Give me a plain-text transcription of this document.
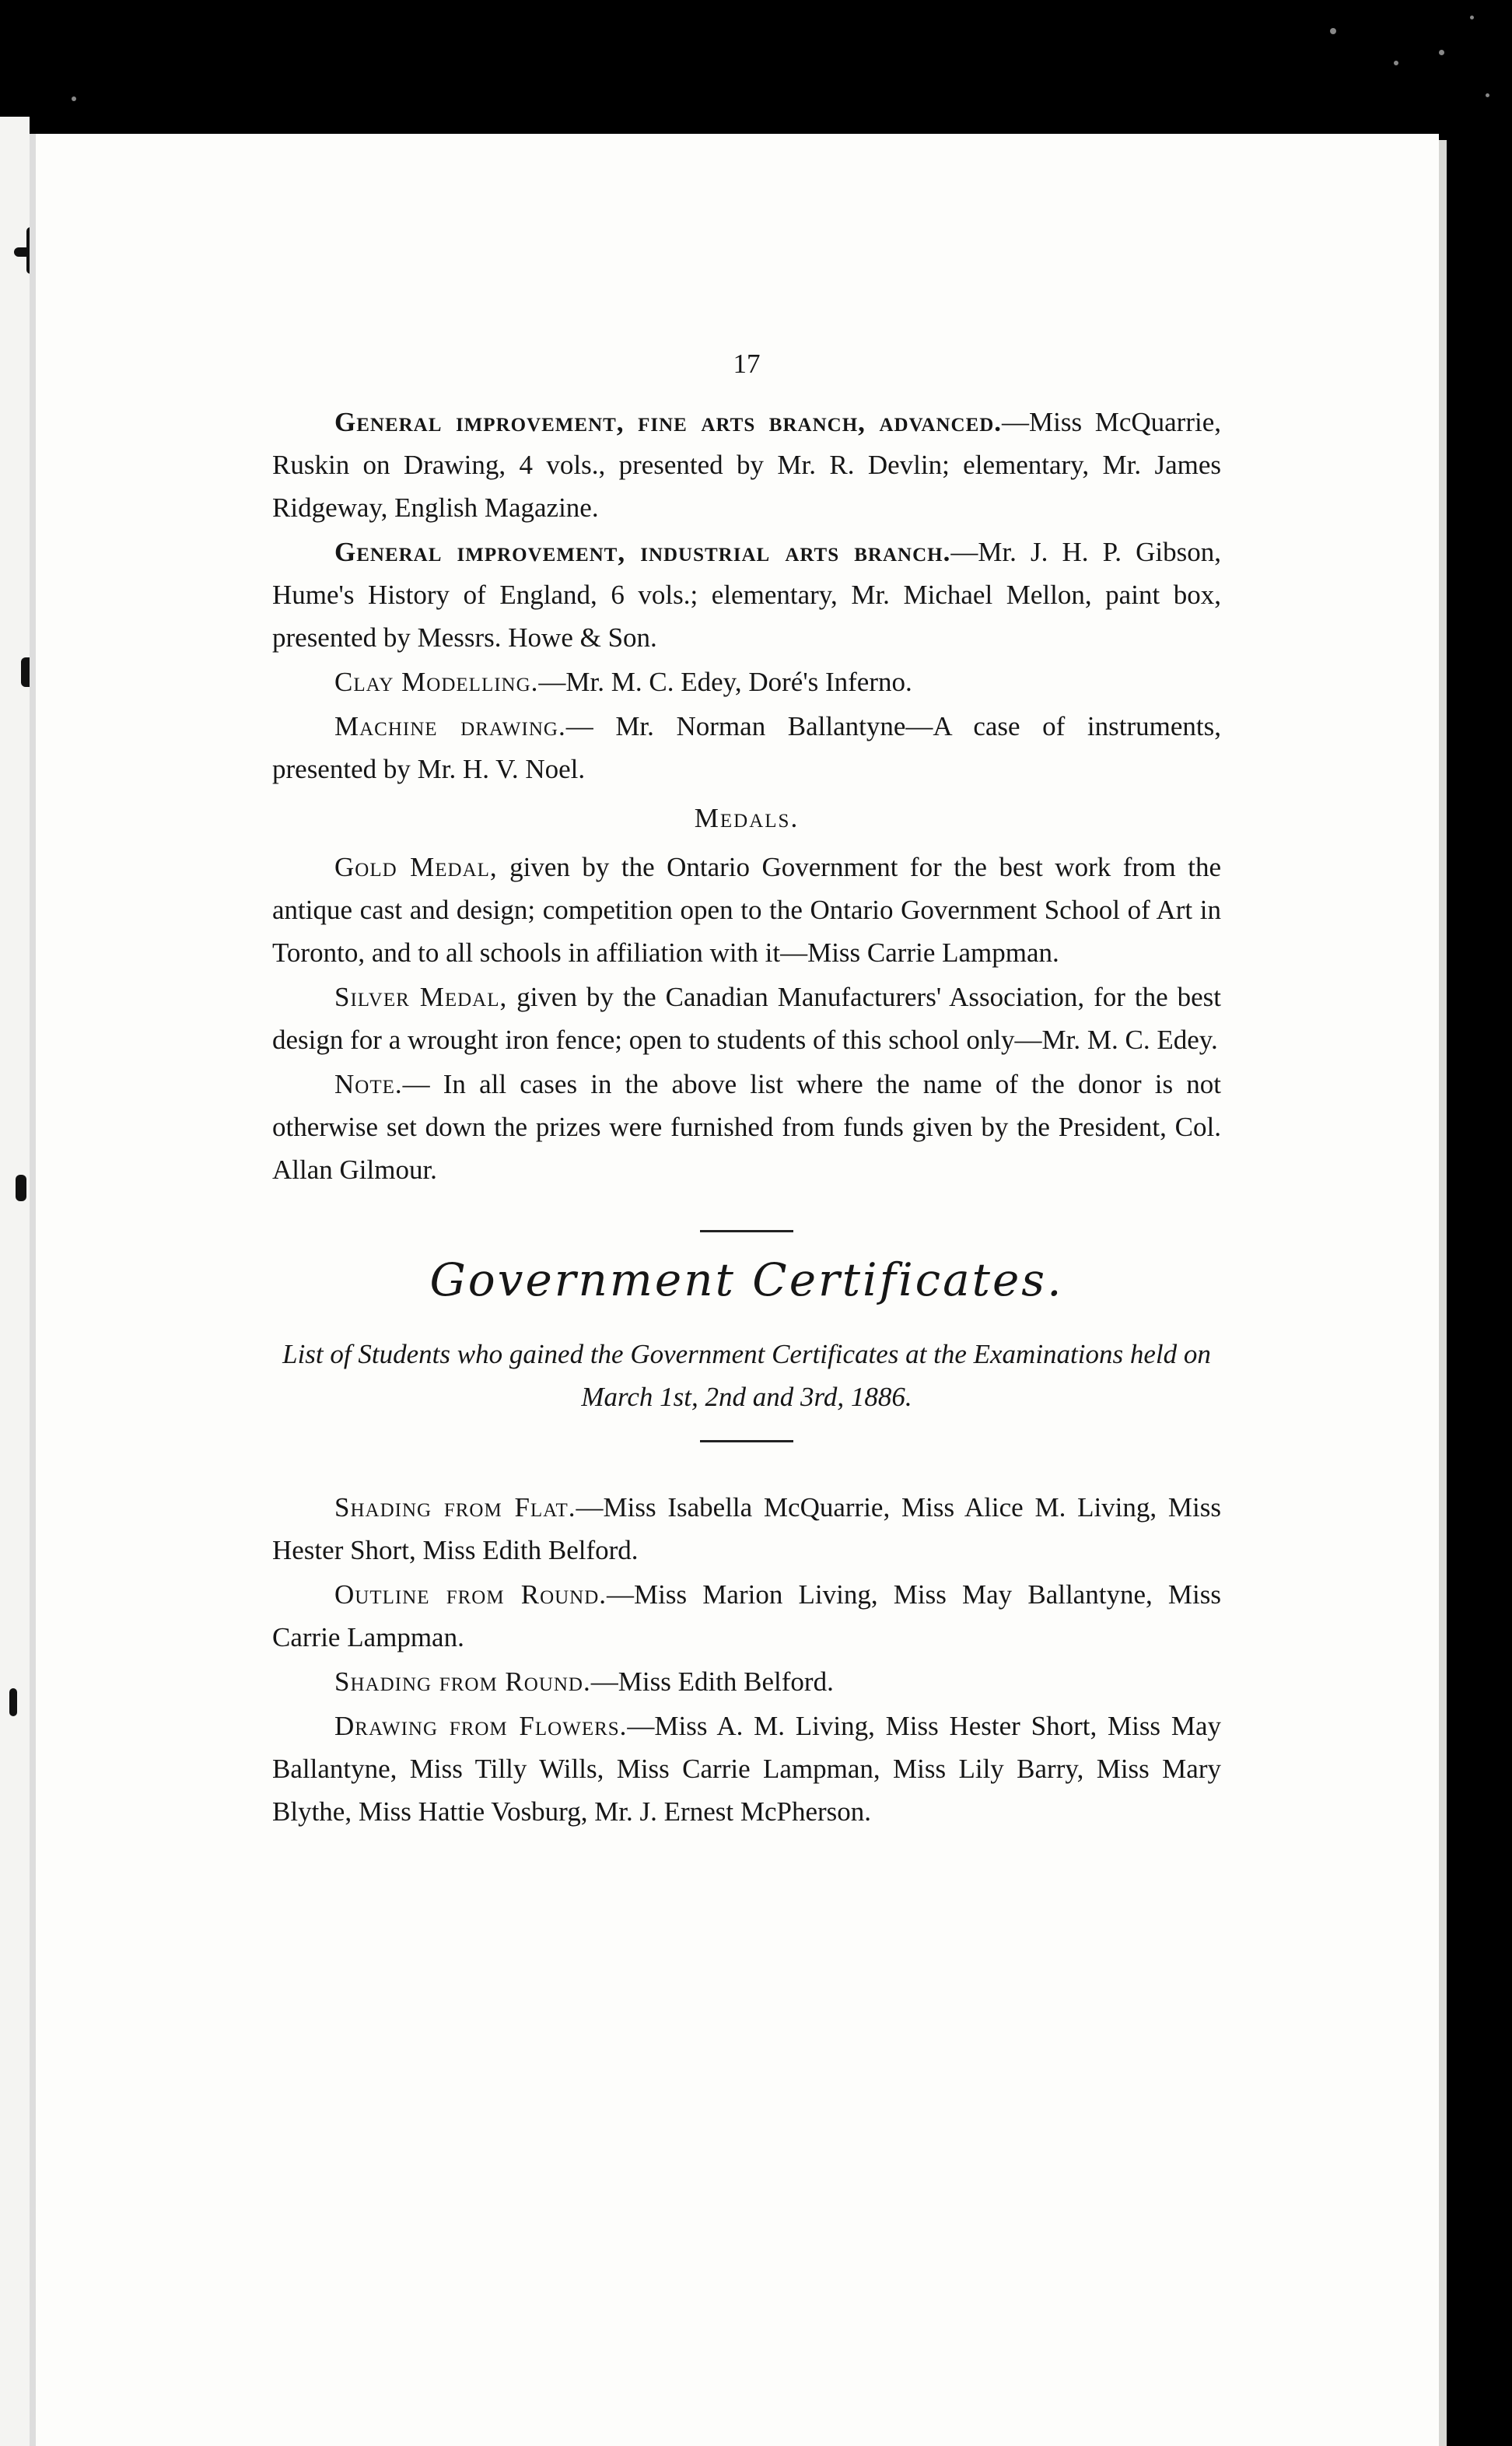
17

General improvement, fine arts branch, advanced.—Miss McQuarrie, Ruskin on Drawing, 4 vols., presented by Mr. R. Devlin; elementary, Mr. James Ridgeway, English Magazine.

General improvement, industrial arts branch.—Mr. J. H. P. Gibson, Hume's History of England, 6 vols.; elementary, Mr. Michael Mellon, paint box, presented by Messrs. Howe & Son.

Clay Modelling.—Mr. M. C. Edey, Doré's Inferno.

Machine drawing.— Mr. Norman Ballantyne—A case of instruments, presented by Mr. H. V. Noel.

Medals.

Gold Medal, given by the Ontario Government for the best work from the antique cast and design; competition open to the Ontario Government School of Art in Toronto, and to all schools in affiliation with it—Miss Carrie Lampman.

Silver Medal, given by the Canadian Manufacturers' Association, for the best design for a wrought iron fence; open to students of this school only—Mr. M. C. Edey.

Note.— In all cases in the above list where the name of the donor is not otherwise set down the prizes were furnished from funds given by the President, Col. Allan Gilmour.

Government Certificates.
List of Students who gained the Government Certificates at the Examinations held on March 1st, 2nd and 3rd, 1886.

Shading from Flat.—Miss Isabella McQuarrie, Miss Alice M. Living, Miss Hester Short, Miss Edith Belford.

Outline from Round.—Miss Marion Living, Miss May Ballantyne, Miss Carrie Lampman.

Shading from Round.—Miss Edith Belford.

Drawing from Flowers.—Miss A. M. Living, Miss Hester Short, Miss May Ballantyne, Miss Tilly Wills, Miss Carrie Lampman, Miss Lily Barry, Miss Mary Blythe, Miss Hattie Vosburg, Mr. J. Ernest McPherson.
